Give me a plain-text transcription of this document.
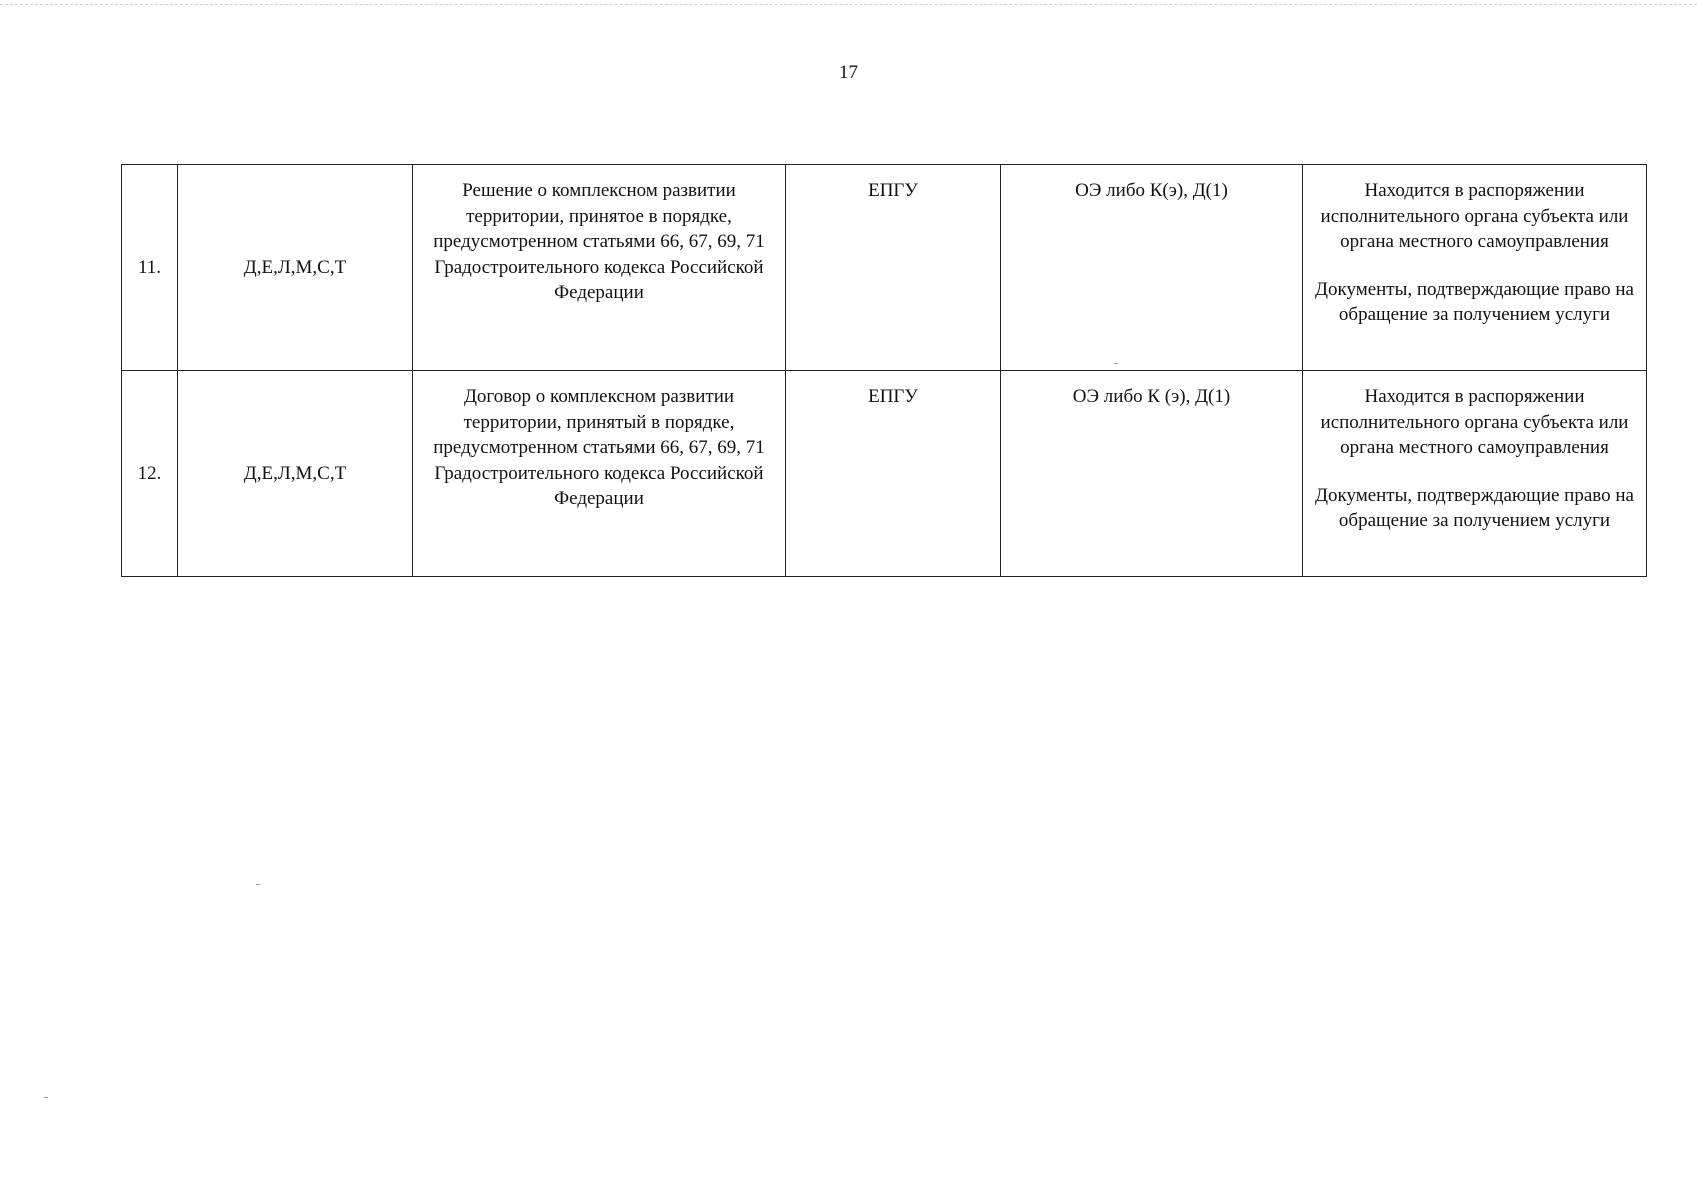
17
11.	Д,Е,Л,М,С,Т	Решение о комплексном развитии территории, принятое в порядке, предусмотренном статьями 66, 67, 69, 71 Градостроительного кодекса Российской Федерации	ЕПГУ	ОЭ либо К(э), Д(1)	Находится в распоряжении исполнительного органа субъекта или органа местного самоуправления

Документы, подтверждающие право на обращение за получением услуги

12.	Д,Е,Л,М,С,Т	Договор о комплексном развитии территории, принятый в порядке, предусмотренном статьями 66, 67, 69, 71 Градостроительного кодекса Российской Федерации	ЕПГУ	ОЭ либо К (э), Д(1)	Находится в распоряжении исполнительного органа субъекта или органа местного самоуправления

Документы, подтверждающие право на обращение за получением услуги
